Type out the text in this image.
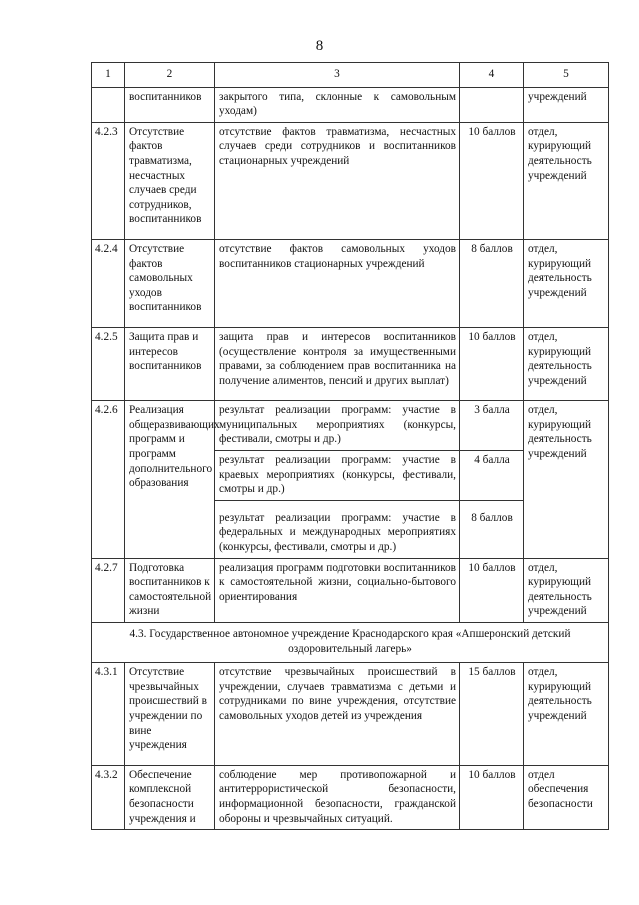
8
1	2	3	4	5
	воспитанников	закрытого типа, склонные к самовольным уходам)		учреждений
4.2.3	Отсутствие фактов травматизма, несчастных случаев среди сотрудников, воспитанников	отсутствие фактов травматизма, несчастных случаев среди сотрудников и воспитанников стационарных учреждений	10 баллов	отдел, курирующий деятельность учреждений
4.2.4	Отсутствие фактов самовольных уходов воспитанников	отсутствие фактов самовольных уходов воспитанников стационарных учреждений	8 баллов	отдел, курирующий деятельность учреждений
4.2.5	Защита прав и интересов воспитанников	защита прав и интересов воспитанников (осуществление контроля за имущественными правами, за соблюдением прав воспитанника на получение алиментов, пенсий и других выплат)	10 баллов	отдел, курирующий деятельность учреждений
4.2.6	Реализация общеразвивающих программ и программ дополнительного образования	результат реализации программ: участие в муниципальных мероприятиях (конкурсы, фестивали, смотры и др.)	3 балла	отдел, курирующий деятельность учреждений
		результат реализации программ: участие в краевых мероприятиях (конкурсы, фестивали, смотры и др.)	4 балла	
		результат реализации программ: участие в федеральных и международных мероприятиях (конкурсы, фестивали, смотры и др.)	8 баллов	
4.2.7	Подготовка воспитанников к самостоятельной жизни	реализация программ подготовки воспитанников к самостоятельной жизни, социально-бытового ориентирования	10 баллов	отдел, курирующий деятельность учреждений
4.3. Государственное автономное учреждение Краснодарского края «Апшеронский детский оздоровительный лагерь»				
4.3.1	Отсутствие чрезвычайных происшествий в учреждении по вине учреждения	отсутствие чрезвычайных происшествий в учреждении, случаев травматизма с детьми и сотрудниками по вине учреждения, отсутствие самовольных уходов детей из учреждения	15 баллов	отдел, курирующий деятельность учреждений
4.3.2	Обеспечение комплексной безопасности учреждения и	соблюдение мер противопожарной и антитеррористической безопасности, информационной безопасности, гражданской обороны и чрезвычайных ситуаций.	10 баллов	отдел обеспечения безопасности
